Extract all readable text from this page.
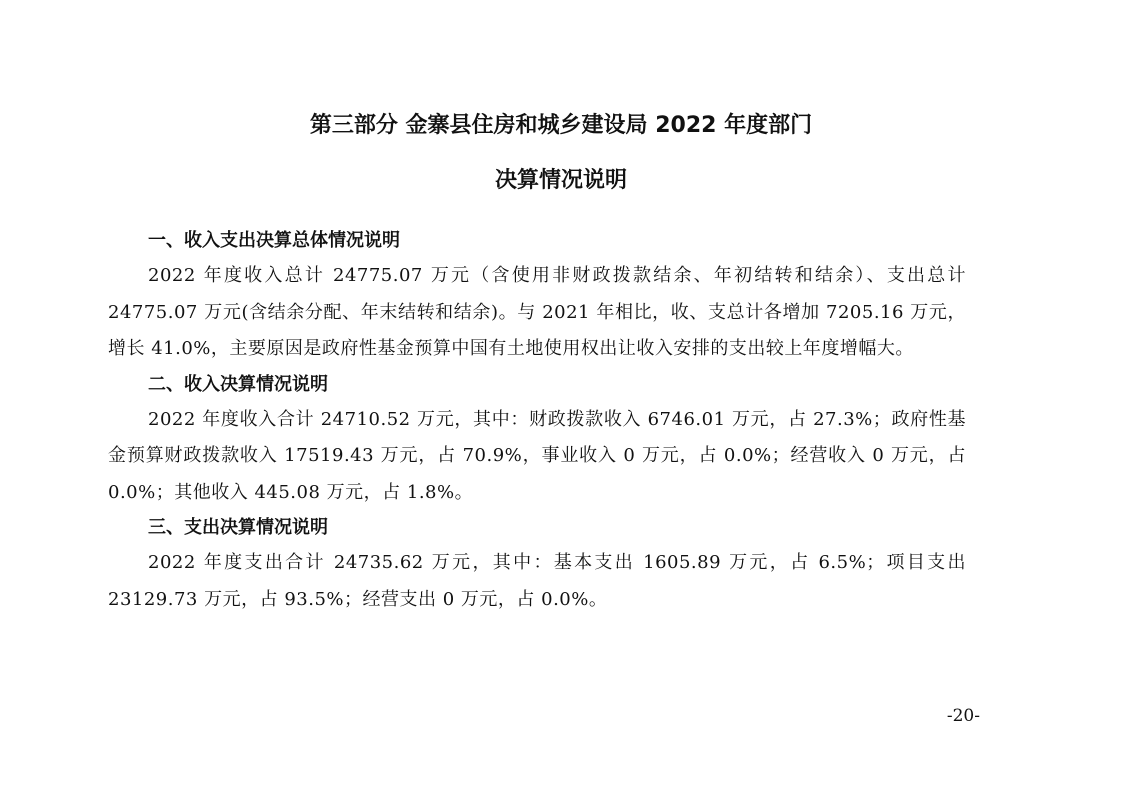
第三部分 金寨县住房和城乡建设局 2022 年度部门
决算情况说明
一、收入支出决算总体情况说明

2022 年度收入总计 24775.07 万元（含使用非财政拨款结余、年初结转和结余）、支出总计 24775.07 万元(含结余分配、年末结转和结余)。与 2021 年相比，收、支总计各增加 7205.16 万元，增长 41.0%，主要原因是政府性基金预算中国有土地使用权出让收入安排的支出较上年度增幅大。

二、收入决算情况说明

2022 年度收入合计 24710.52 万元，其中：财政拨款收入 6746.01 万元，占 27.3%；政府性基金预算财政拨款收入 17519.43 万元，占 70.9%，事业收入 0 万元，占 0.0%；经营收入 0 万元，占 0.0%；其他收入 445.08 万元，占 1.8%。

三、支出决算情况说明

2022 年度支出合计 24735.62 万元，其中：基本支出 1605.89 万元，占 6.5%；项目支出 23129.73 万元，占 93.5%；经营支出 0 万元，占 0.0%。

-20-
